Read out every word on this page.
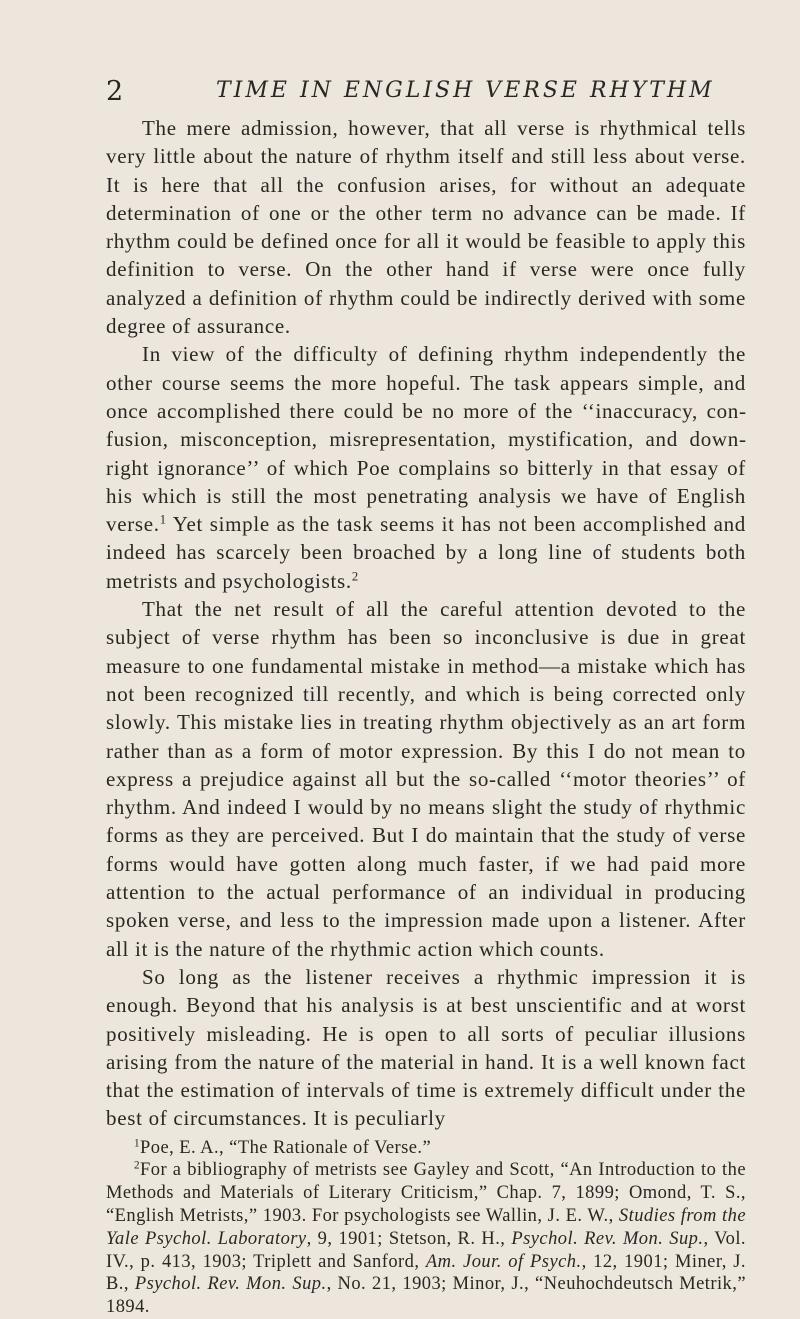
2	TIME IN ENGLISH VERSE RHYTHM

The mere admission, however, that all verse is rhythmical tells very little about the nature of rhythm itself and still less about verse. It is here that all the confusion arises, for without an adequate determination of one or the other term no advance can be made. If rhythm could be defined once for all it would be feasible to apply this definition to verse. On the other hand if verse were once fully analyzed a definition of rhythm could be indirectly derived with some degree of assurance.

In view of the difficulty of defining rhythm independently the other course seems the more hopeful. The task appears simple, and once accomplished there could be no more of the ‘‘inaccuracy, confusion, misconception, misrepresentation, mystification, and downright ignorance’’ of which Poe complains so bitterly in that essay of his which is still the most penetrating analysis we have of English verse.$^1$ Yet simple as the task seems it has not been accomplished and indeed has scarcely been broached by a long line of students both metrists and psychologists.$^2$

That the net result of all the careful attention devoted to the subject of verse rhythm has been so inconclusive is due in great measure to one fundamental mistake in method—a mistake which has not been recognized till recently, and which is being corrected only slowly. This mistake lies in treating rhythm objectively as an art form rather than as a form of motor expression. By this I do not mean to express a prejudice against all but the so-called ‘‘motor theories’’ of rhythm. And indeed I would by no means slight the study of rhythmic forms as they are perceived. But I do maintain that the study of verse forms would have gotten along much faster, if we had paid more attention to the actual performance of an individual in producing spoken verse, and less to the impression made upon a listener. After all it is the nature of the rhythmic action which counts.

So long as the listener receives a rhythmic impression it is enough. Beyond that his analysis is at best unscientific and at worst positively misleading. He is open to all sorts of peculiar illusions arising from the nature of the material in hand. It is a well known fact that the estimation of intervals of time is extremely difficult under the best of circumstances. It is peculiarly

$^1$Poe, E. A., “The Rationale of Verse.”

$^2$For a bibliography of metrists see Gayley and Scott, “An Introduction to the Methods and Materials of Literary Criticism,” Chap. 7, 1899; Omond, T. S., “English Metrists,” 1903. For psychologists see Wallin, J. E. W., Studies from the Yale Psychol. Laboratory, 9, 1901; Stetson, R. H., Psychol. Rev. Mon. Sup., Vol. IV., p. 413, 1903; Triplett and Sanford, Am. Jour. of Psych., 12, 1901; Miner, J. B., Psychol. Rev. Mon. Sup., No. 21, 1903; Minor, J., “Neuhochdeutsch Metrik,” 1894.
